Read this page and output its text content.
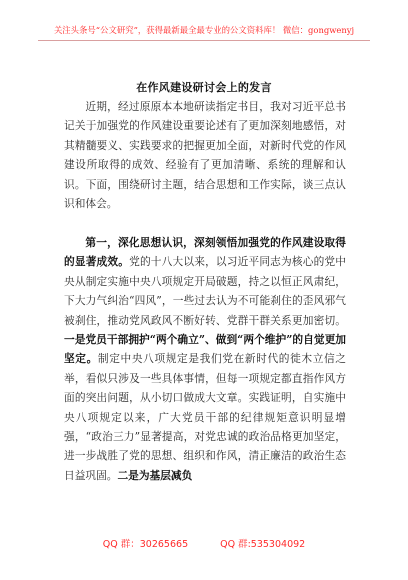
关注头条号“公文研究”，获得最新最全最专业的公文资料库！ 微信：gongwenyj
在作风建设研讨会上的发言

近期，经过原原本本地研读指定书目，我对习近平总书记关于加强党的作风建设重要论述有了更加深刻地感悟，对其精髓要义、实践要求的把握更加全面，对新时代党的作风建设所取得的成效、经验有了更加清晰、系统的理解和认识。下面，围绕研讨主题，结合思想和工作实际，谈三点认识和体会。

第一，深化思想认识，深刻领悟加强党的作风建设取得的显著成效。党的十八大以来，以习近平同志为核心的党中央从制定实施中央八项规定开局破题，持之以恒正风肃纪，下大力气纠治“四风”，一些过去认为不可能刹住的歪风邪气被刹住，推动党风政风不断好转、党群干群关系更加密切。一是党员干部拥护“两个确立”、做到“两个维护”的自觉更加坚定。制定中央八项规定是我们党在新时代的徙木立信之举，看似只涉及一些具体事情，但每一项规定都直指作风方面的突出问题，从小切口做成大文章。实践证明，自实施中央八项规定以来，广大党员干部的纪律规矩意识明显增强，“政治三力”显著提高，对党忠诚的政治品格更加坚定，进一步战胜了党的思想、组织和作风，清正廉洁的政治生态日益巩固。二是为基层减负

QQ 群：30265665	QQ 群:535304092
